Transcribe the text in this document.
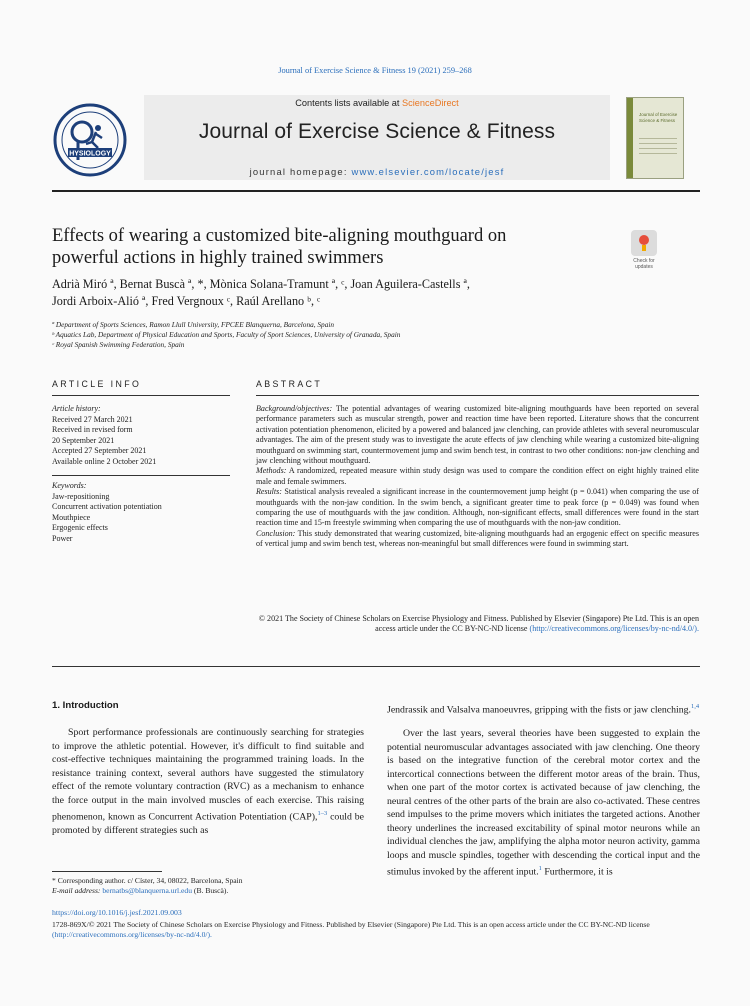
Journal of Exercise Science & Fitness 19 (2021) 259–268
HYSIOLOGY
Contents lists available at ScienceDirect
Journal of Exercise Science & Fitness
journal homepage: www.elsevier.com/locate/jesf
Journal of Exercise Science & Fitness
Effects of wearing a customized bite-aligning mouthguard on
powerful actions in highly trained swimmers	Check for updates
Adrià Miró ª, Bernat Buscà ª, *, Mònica Solana-Tramunt ª, ᶜ, Joan Aguilera-Castells ª,
Jordi Arboix-Alió ª, Fred Vergnoux ᶜ, Raúl Arellano ᵇ, ᶜ
ª Department of Sports Sciences, Ramon Llull University, FPCEE Blanquerna, Barcelona, Spain
ᵇ Aquatics Lab, Department of Physical Education and Sports, Faculty of Sport Sciences, University of Granada, Spain
ᶜ Royal Spanish Swimming Federation, Spain
ARTICLE INFO
Article history:
Received 27 March 2021
Received in revised form
20 September 2021
Accepted 27 September 2021
Available online 2 October 2021
Keywords:
Jaw-repositioning
Concurrent activation potentiation
Mouthpiece
Ergogenic effects
Power
ABSTRACT
Background/objectives: The potential advantages of wearing customized bite-aligning mouthguards have been reported on several performance parameters such as muscular strength, power and reaction time have been reported. Literature shows that the concurrent activation potentiation phenomenon, elicited by a powered and balanced jaw clenching, can provide athletes with several neuromuscular advantages. The aim of the present study was to investigate the acute effects of jaw clenching while wearing a customized bite-aligning mouthguard on swimming start, countermovement jump and swim bench test, in contrast to two other conditions: non-jaw clenching and jaw clenching without mouthguard.
Methods: A randomized, repeated measure within study design was used to compare the condition effect on eight highly trained elite male and female swimmers.
Results: Statistical analysis revealed a significant increase in the countermovement jump height (p = 0.041) when comparing the use of mouthguards with the non-jaw condition. In the swim bench, a significant greater time to peak force (p = 0.049) was found when comparing the use of mouthguards with the jaw condition. Although, non-significant effects, small differences were found in the start reaction time and 15-m freestyle swimming when comparing the use of mouthguards with the non-jaw condition.
Conclusion: This study demonstrated that wearing customized, bite-aligning mouthguards had an ergogenic effect on specific measures of vertical jump and swim bench test, whereas non-meaningful but small differences were found in swimming start.
© 2021 The Society of Chinese Scholars on Exercise Physiology and Fitness. Published by Elsevier (Singapore) Pte Ltd. This is an open access article under the CC BY-NC-ND license (http://creativecommons.org/licenses/by-nc-nd/4.0/).
1. Introduction
Sport performance professionals are continuously searching for strategies to improve the athletic potential. However, it's difficult to find suitable and cost-effective techniques maintaining the programmed training loads. In the resistance training context, several authors have suggested the stimulatory effect of the remote voluntary contraction (RVC) as a mechanism to enhance the force output in the main involved muscles of each exercise. This raising phenomenon, known as Concurrent Activation Potentiation (CAP),$^{1-3}$ could be promoted by different strategies such as
Jendrassik and Valsalva manoeuvres, gripping with the fists or jaw clenching.$^{1,4}$
Over the last years, several theories have been suggested to explain the potential neuromuscular advantages associated with jaw clenching. One theory is based on the integrative function of the cerebral motor cortex and the intercortical connections between the different motor areas of the brain. Thus, when one part of the motor cortex is activated because of jaw clenching, the neural centres of the other parts of the brain are also co-activated. These centres send impulses to the prime movers which initiates the targeted actions. Another theory underlines the increased excitability of spinal motor neurons while an individual clenches the jaw, amplifying the alpha motor neuron activity, gamma loops and muscle spindles, together with descending the cortical input and the stimulus invoked by the afferent input.$^1$ Furthermore, it is
* Corresponding author. c/ Císter, 34, 08022, Barcelona, Spain
E-mail address: bernatbs@blanquerna.url.edu (B. Buscà).
https://doi.org/10.1016/j.jesf.2021.09.003
1728-869X/© 2021 The Society of Chinese Scholars on Exercise Physiology and Fitness. Published by Elsevier (Singapore) Pte Ltd. This is an open access article under the CC BY-NC-ND license (http://creativecommons.org/licenses/by-nc-nd/4.0/).
